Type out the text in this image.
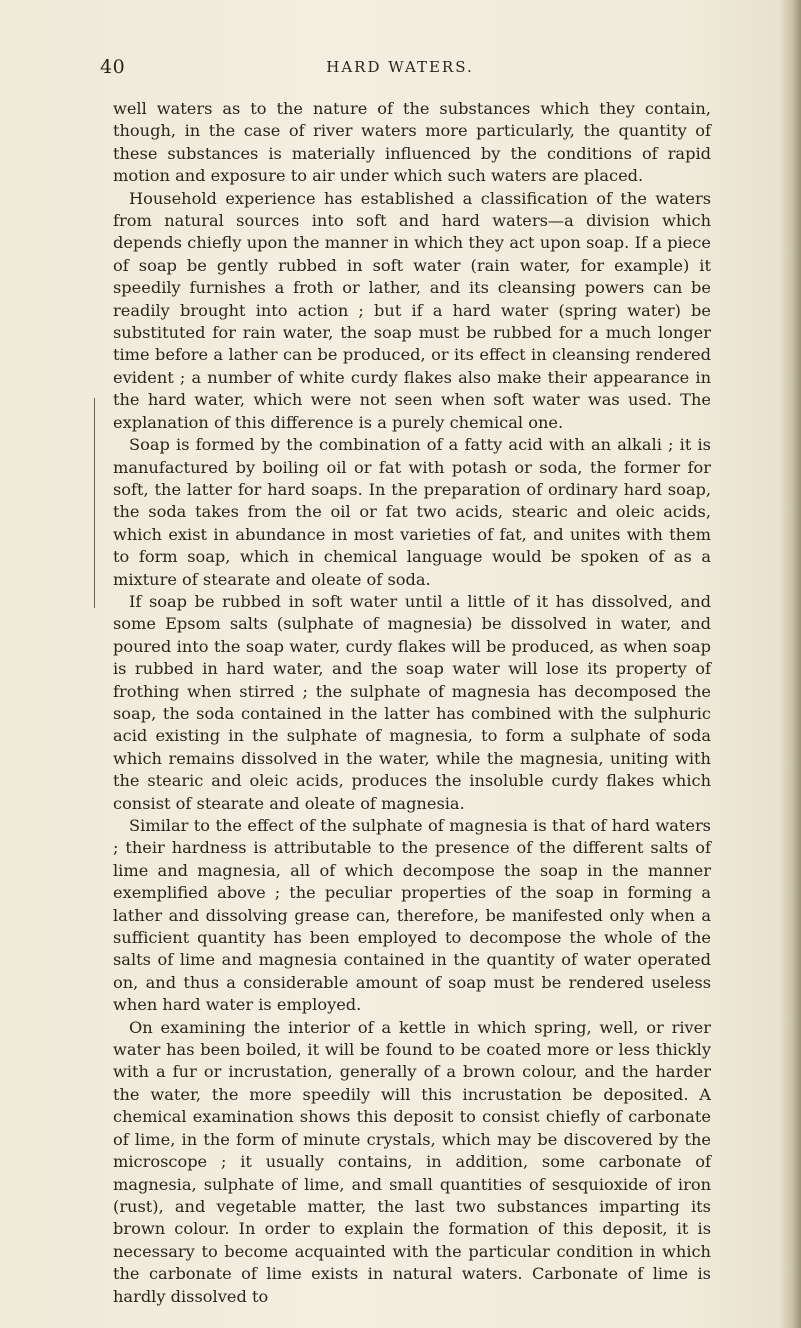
40	HARD WATERS.

well waters as to the nature of the substances which they contain, though, in the case of river waters more particularly, the quantity of these substances is materially influenced by the conditions of rapid motion and exposure to air under which such waters are placed.

Household experience has established a classification of the waters from natural sources into soft and hard waters—a division which depends chiefly upon the manner in which they act upon soap. If a piece of soap be gently rubbed in soft water (rain water, for example) it speedily furnishes a froth or lather, and its cleansing powers can be readily brought into action ; but if a hard water (spring water) be substituted for rain water, the soap must be rubbed for a much longer time before a lather can be produced, or its effect in cleansing rendered evident ; a number of white curdy flakes also make their appearance in the hard water, which were not seen when soft water was used. The explanation of this difference is a purely chemical one.

Soap is formed by the combination of a fatty acid with an alkali ; it is manufactured by boiling oil or fat with potash or soda, the former for soft, the latter for hard soaps. In the preparation of ordinary hard soap, the soda takes from the oil or fat two acids, stearic and oleic acids, which exist in abundance in most varieties of fat, and unites with them to form soap, which in chemical language would be spoken of as a mixture of stearate and oleate of soda.

If soap be rubbed in soft water until a little of it has dissolved, and some Epsom salts (sulphate of magnesia) be dissolved in water, and poured into the soap water, curdy flakes will be produced, as when soap is rubbed in hard water, and the soap water will lose its property of frothing when stirred ; the sulphate of magnesia has decomposed the soap, the soda contained in the latter has combined with the sulphuric acid existing in the sulphate of magnesia, to form a sulphate of soda which remains dissolved in the water, while the magnesia, uniting with the stearic and oleic acids, produces the insoluble curdy flakes which consist of stearate and oleate of magnesia.

Similar to the effect of the sulphate of magnesia is that of hard waters ; their hardness is attributable to the presence of the different salts of lime and magnesia, all of which decompose the soap in the manner exemplified above ; the peculiar properties of the soap in forming a lather and dissolving grease can, therefore, be manifested only when a sufficient quantity has been employed to decompose the whole of the salts of lime and magnesia contained in the quantity of water operated on, and thus a considerable amount of soap must be rendered useless when hard water is employed.

On examining the interior of a kettle in which spring, well, or river water has been boiled, it will be found to be coated more or less thickly with a fur or incrustation, generally of a brown colour, and the harder the water, the more speedily will this incrustation be deposited. A chemical examination shows this deposit to consist chiefly of carbonate of lime, in the form of minute crystals, which may be discovered by the microscope ; it usually contains, in addition, some carbonate of magnesia, sulphate of lime, and small quantities of sesquioxide of iron (rust), and vegetable matter, the last two substances imparting its brown colour. In order to explain the formation of this deposit, it is necessary to become acquainted with the particular condition in which the carbonate of lime exists in natural waters. Carbonate of lime is hardly dissolved to
